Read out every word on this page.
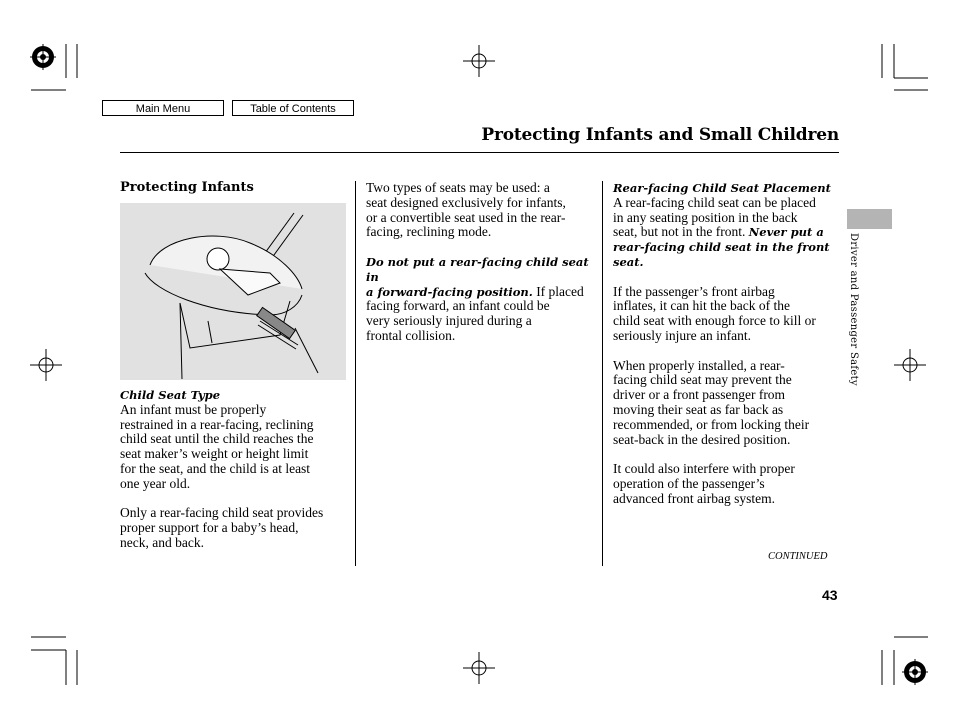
Main Menu	Table of Contents
Protecting Infants and Small Children
Driver and Passenger Safety

Protecting Infants

Child Seat Type

An infant must be properly

restrained in a rear-facing, reclining

child seat until the child reaches the

seat maker’s weight or height limit

for the seat, and the child is at least

one year old.

Only a rear-facing child seat provides

proper support for a baby’s head,

neck, and back.

Two types of seats may be used: a

seat designed exclusively for infants,

or a convertible seat used in the rear-

facing, reclining mode.

Do not put a rear-facing child seat in

a forward-facing position. If placed

facing forward, an infant could be

very seriously injured during a

frontal collision.

Rear-facing Child Seat Placement

A rear-facing child seat can be placed

in any seating position in the back

seat, but not in the front. Never put a

rear-facing child seat in the front

seat.

If the passenger’s front airbag

inflates, it can hit the back of the

child seat with enough force to kill or

seriously injure an infant.

When properly installed, a rear-

facing child seat may prevent the

driver or a front passenger from

moving their seat as far back as

recommended, or from locking their

seat-back in the desired position.

It could also interfere with proper

operation of the passenger’s

advanced front airbag system.

CONTINUED
43
